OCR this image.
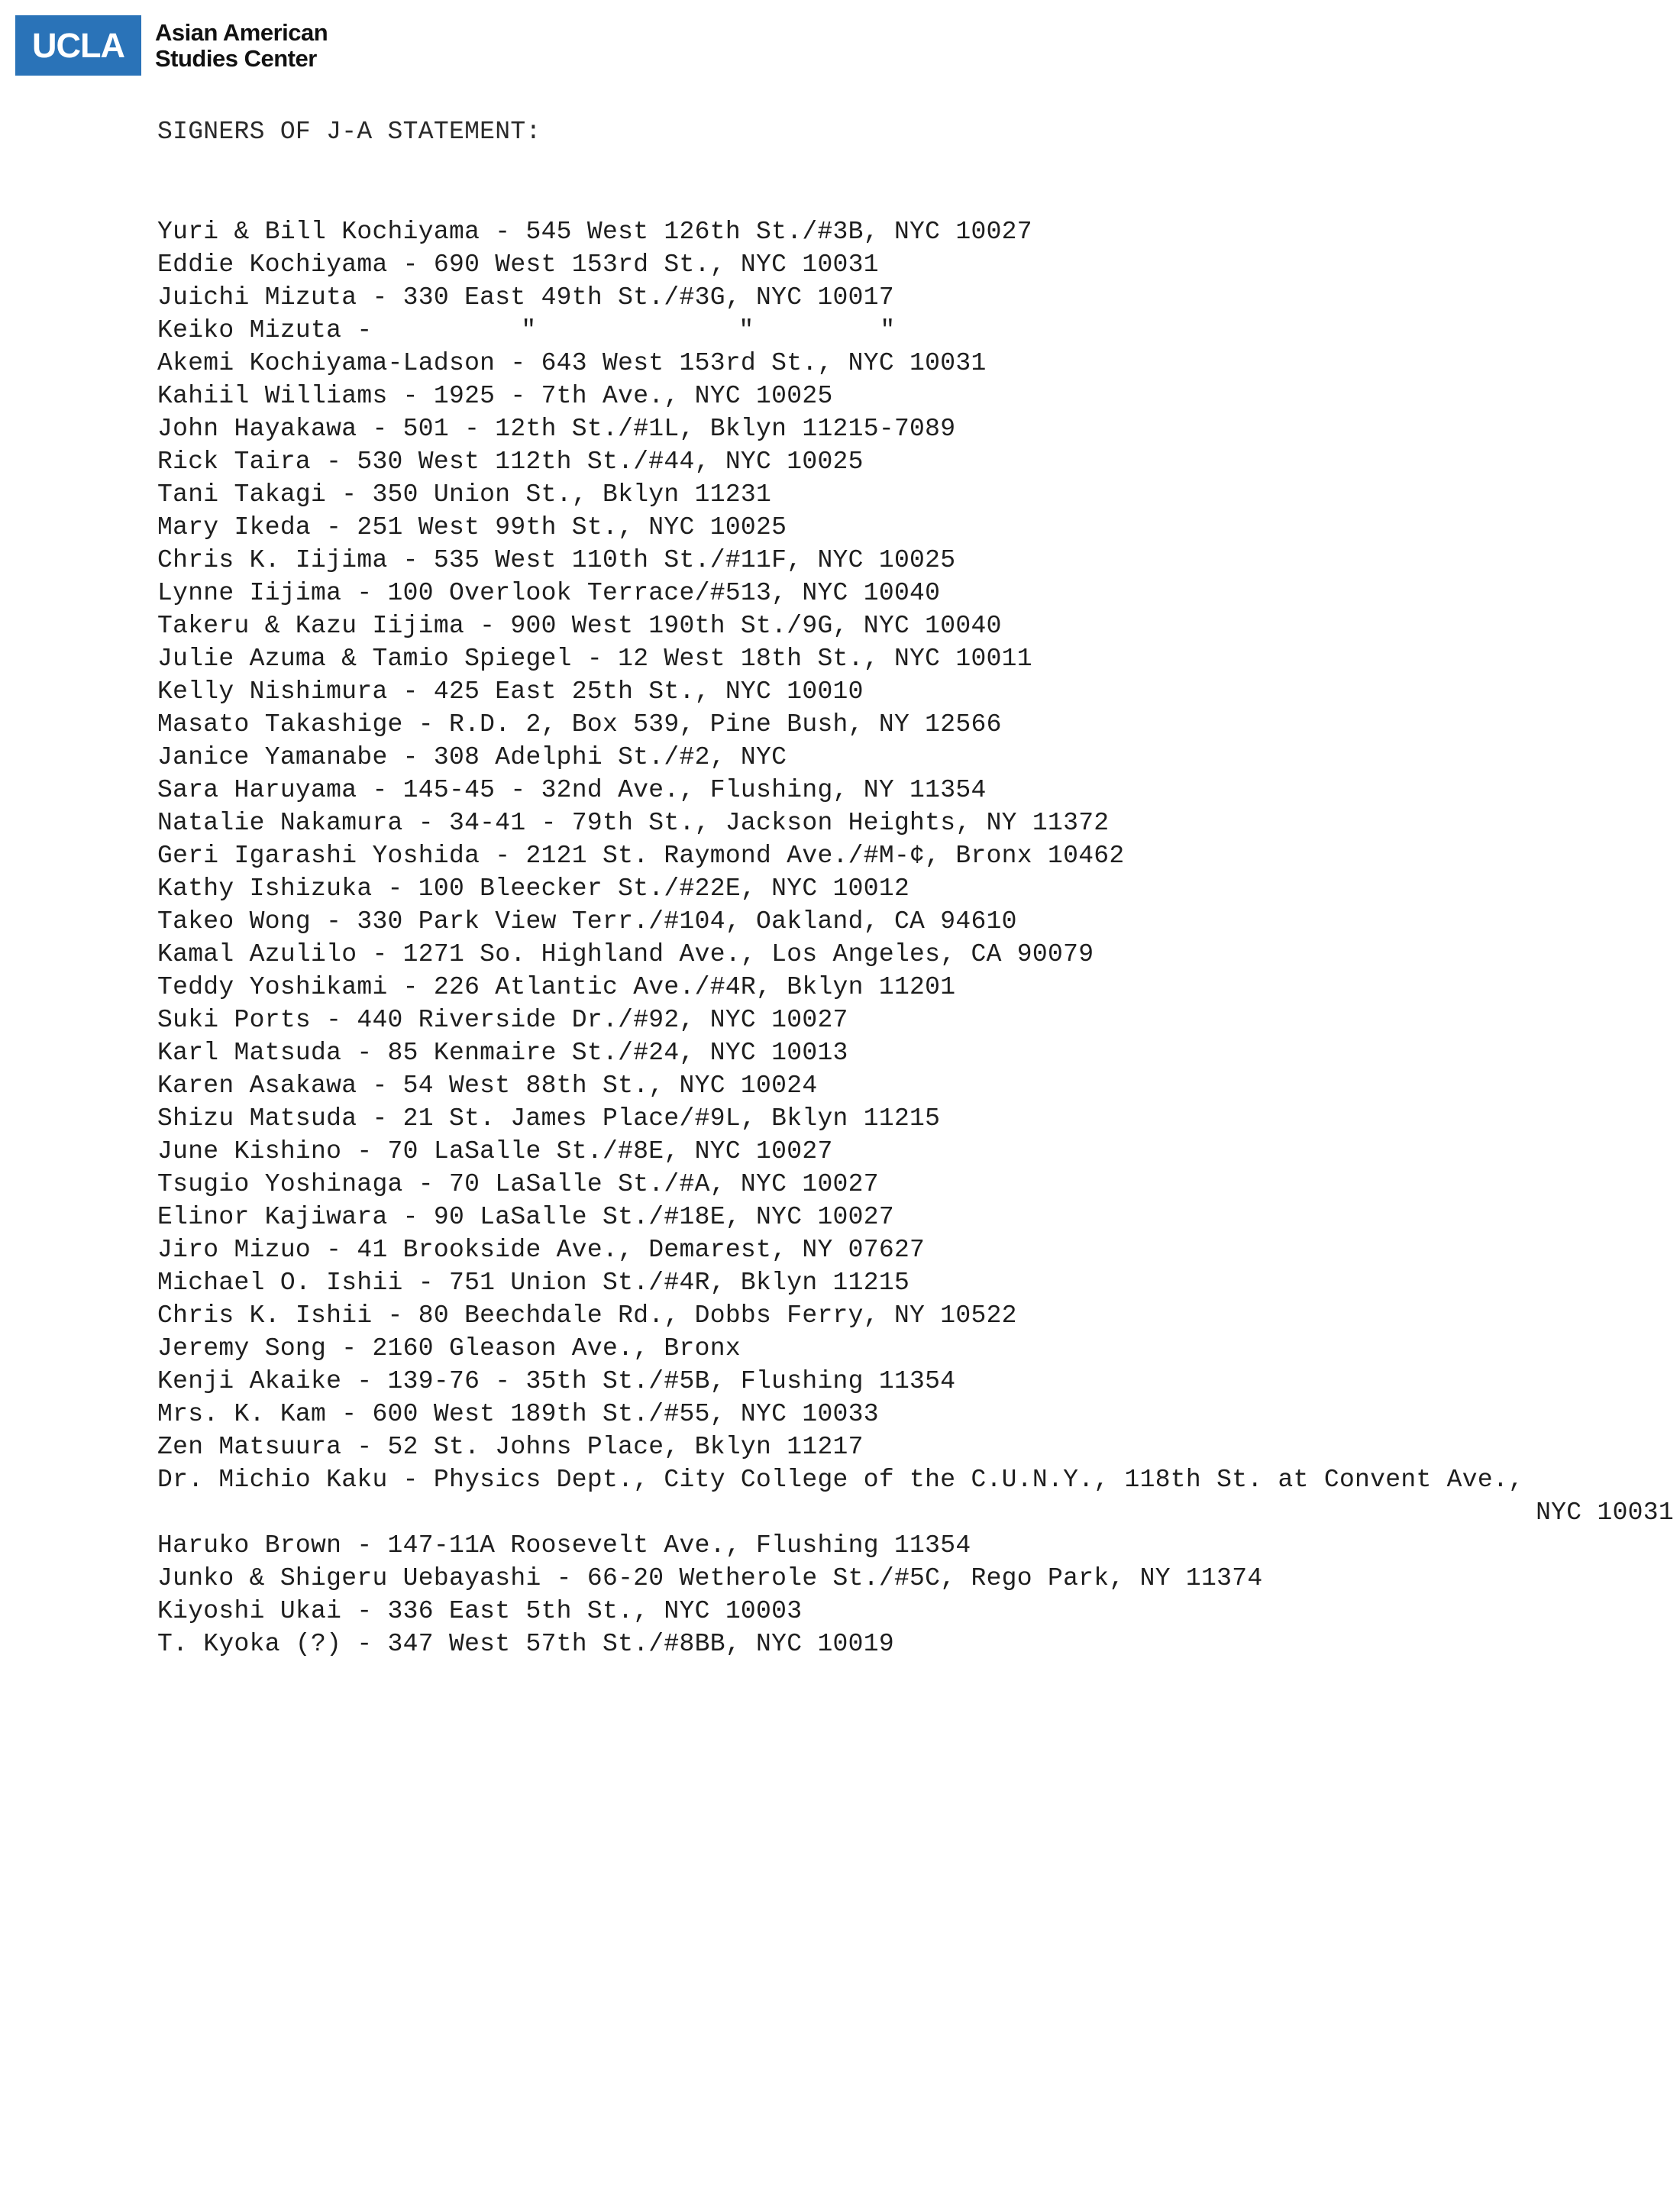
UCLA	Asian American
Studies Center
SIGNERS OF J-A STATEMENT:
Yuri & Bill Kochiyama - 545 West 126th St./#3B, NYC 10027
Eddie Kochiyama - 690 West 153rd St., NYC 10031
Juichi Mizuta - 330 East 49th St./#3G, NYC 10017
Keiko Mizuta -	"	"	"
Akemi Kochiyama-Ladson - 643 West 153rd St., NYC 10031
Kahiil Williams - 1925 - 7th Ave., NYC 10025
John Hayakawa - 501 - 12th St./#1L, Bklyn 11215-7089
Rick Taira - 530 West 112th St./#44, NYC 10025
Tani Takagi - 350 Union St., Bklyn 11231
Mary Ikeda - 251 West 99th St., NYC 10025
Chris K. Iijima - 535 West 110th St./#11F, NYC 10025
Lynne Iijima - 100 Overlook Terrace/#513, NYC 10040
Takeru & Kazu Iijima - 900 West 190th St./9G, NYC 10040
Julie Azuma & Tamio Spiegel - 12 West 18th St., NYC 10011
Kelly Nishimura - 425 East 25th St., NYC 10010
Masato Takashige - R.D. 2, Box 539, Pine Bush, NY 12566
Janice Yamanabe - 308 Adelphi St./#2, NYC
Sara Haruyama - 145-45 - 32nd Ave., Flushing, NY 11354
Natalie Nakamura - 34-41 - 79th St., Jackson Heights, NY 11372
Geri Igarashi Yoshida - 2121 St. Raymond Ave./#M-¢, Bronx 10462
Kathy Ishizuka - 100 Bleecker St./#22E, NYC 10012
Takeo Wong - 330 Park View Terr./#104, Oakland, CA 94610
Kamal Azulilo - 1271 So. Highland Ave., Los Angeles, CA 90079
Teddy Yoshikami - 226 Atlantic Ave./#4R, Bklyn 11201
Suki Ports - 440 Riverside Dr./#92, NYC 10027
Karl Matsuda - 85 Kenmaire St./#24, NYC 10013
Karen Asakawa - 54 West 88th St., NYC 10024
Shizu Matsuda - 21 St. James Place/#9L, Bklyn 11215
June Kishino - 70 LaSalle St./#8E, NYC 10027
Tsugio Yoshinaga - 70 LaSalle St./#A, NYC 10027
Elinor Kajiwara - 90 LaSalle St./#18E, NYC 10027
Jiro Mizuo - 41 Brookside Ave., Demarest, NY 07627
Michael O. Ishii - 751 Union St./#4R, Bklyn 11215
Chris K. Ishii - 80 Beechdale Rd., Dobbs Ferry, NY 10522
Jeremy Song - 2160 Gleason Ave., Bronx
Kenji Akaike - 139-76 - 35th St./#5B, Flushing 11354
Mrs. K. Kam - 600 West 189th St./#55, NYC 10033
Zen Matsuura - 52 St. Johns Place, Bklyn 11217
Dr. Michio Kaku - Physics Dept., City College of the C.U.N.Y., 118th St. at Convent Ave.,
NYC 10031
Haruko Brown - 147-11A Roosevelt Ave., Flushing 11354
Junko & Shigeru Uebayashi - 66-20 Wetherole St./#5C, Rego Park, NY 11374
Kiyoshi Ukai - 336 East 5th St., NYC 10003
T. Kyoka (?) - 347 West 57th St./#8BB, NYC 10019
